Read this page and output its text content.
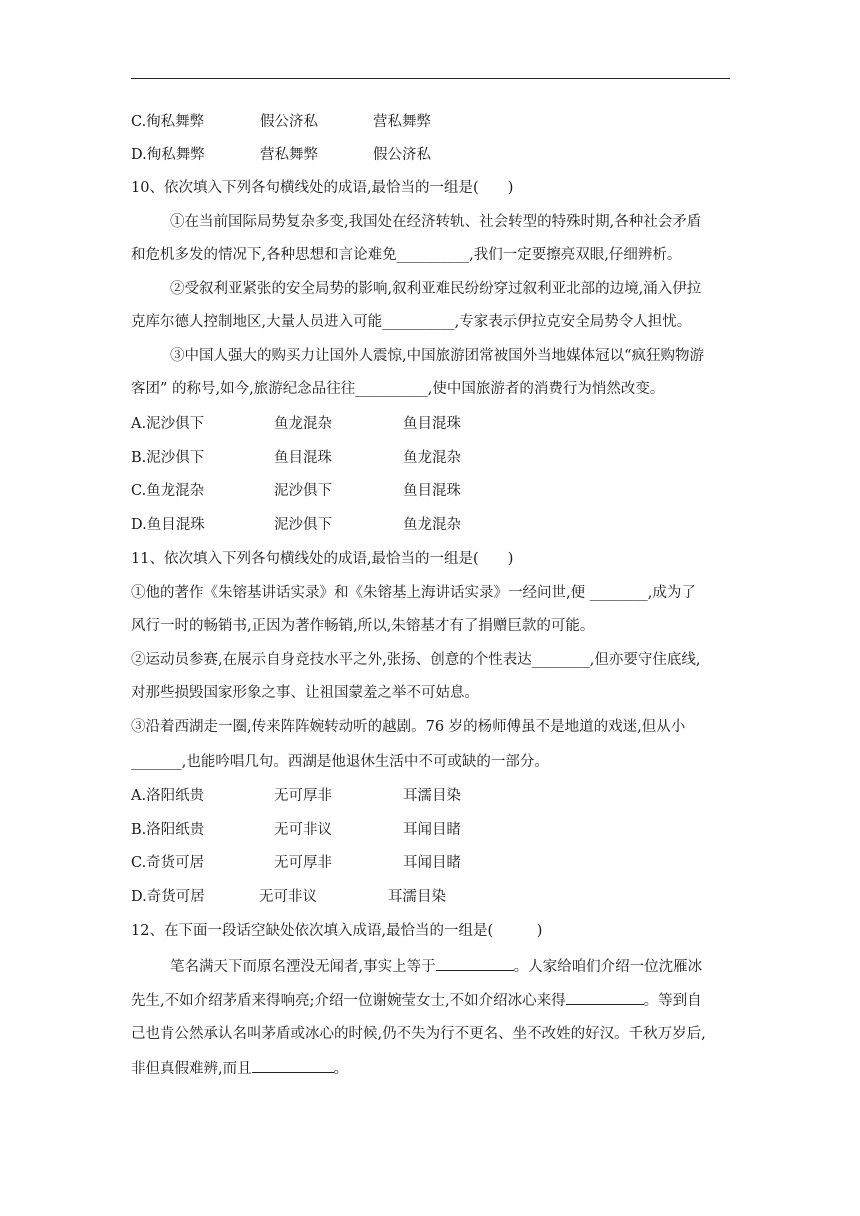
C.徇私舞弊	假公济私	营私舞弊
D.徇私舞弊	营私舞弊	假公济私
10、依次填入下列各句横线处的成语,最恰当的一组是(　　)
①在当前国际局势复杂多变,我国处在经济转轨、社会转型的特殊时期,各种社会矛盾
和危机多发的情况下,各种思想和言论难免__________,我们一定要擦亮双眼,仔细辨析。
②受叙利亚紧张的安全局势的影响,叙利亚难民纷纷穿过叙利亚北部的边境,涌入伊拉
克库尔德人控制地区,大量人员进入可能__________,专家表示伊拉克安全局势令人担忧。
③中国人强大的购买力让国外人震惊,中国旅游团常被国外当地媒体冠以“疯狂购物游
客团” 的称号,如今,旅游纪念品往往__________,使中国旅游者的消费行为悄然改变。
A.泥沙俱下	鱼龙混杂	鱼目混珠
B.泥沙俱下	鱼目混珠	鱼龙混杂
C.鱼龙混杂	泥沙俱下	鱼目混珠
D.鱼目混珠	泥沙俱下	鱼龙混杂
11、依次填入下列各句横线处的成语,最恰当的一组是(　　)
①他的著作《朱镕基讲话实录》和《朱镕基上海讲话实录》一经问世,便 ________,成为了
风行一时的畅销书,正因为著作畅销,所以,朱镕基才有了捐赠巨款的可能。
②运动员参赛,在展示自身竞技水平之外,张扬、创意的个性表达________,但亦要守住底线,
对那些损毁国家形象之事、让祖国蒙羞之举不可姑息。
③沿着西湖走一圈,传来阵阵婉转动听的越剧。76 岁的杨师傅虽不是地道的戏迷,但从小
_______,也能吟唱几句。西湖是他退休生活中不可或缺的一部分。
A.洛阳纸贵	无可厚非	耳濡目染
B.洛阳纸贵	无可非议	耳闻目睹
C.奇货可居	无可厚非	耳闻目睹
D.奇货可居	无可非议	耳濡目染
12、在下面一段话空缺处依次填入成语,最恰当的一组是(　　　)
笔名满天下而原名湮没无闻者,事实上等于	。人家给咱们介绍一位沈雁冰
先生,不如介绍茅盾来得响亮;介绍一位谢婉莹女士,不如介绍冰心来得	。等到自
己也肯公然承认名叫茅盾或冰心的时候,仍不失为行不更名、坐不改姓的好汉。千秋万岁后,
非但真假难辨,而且	。
